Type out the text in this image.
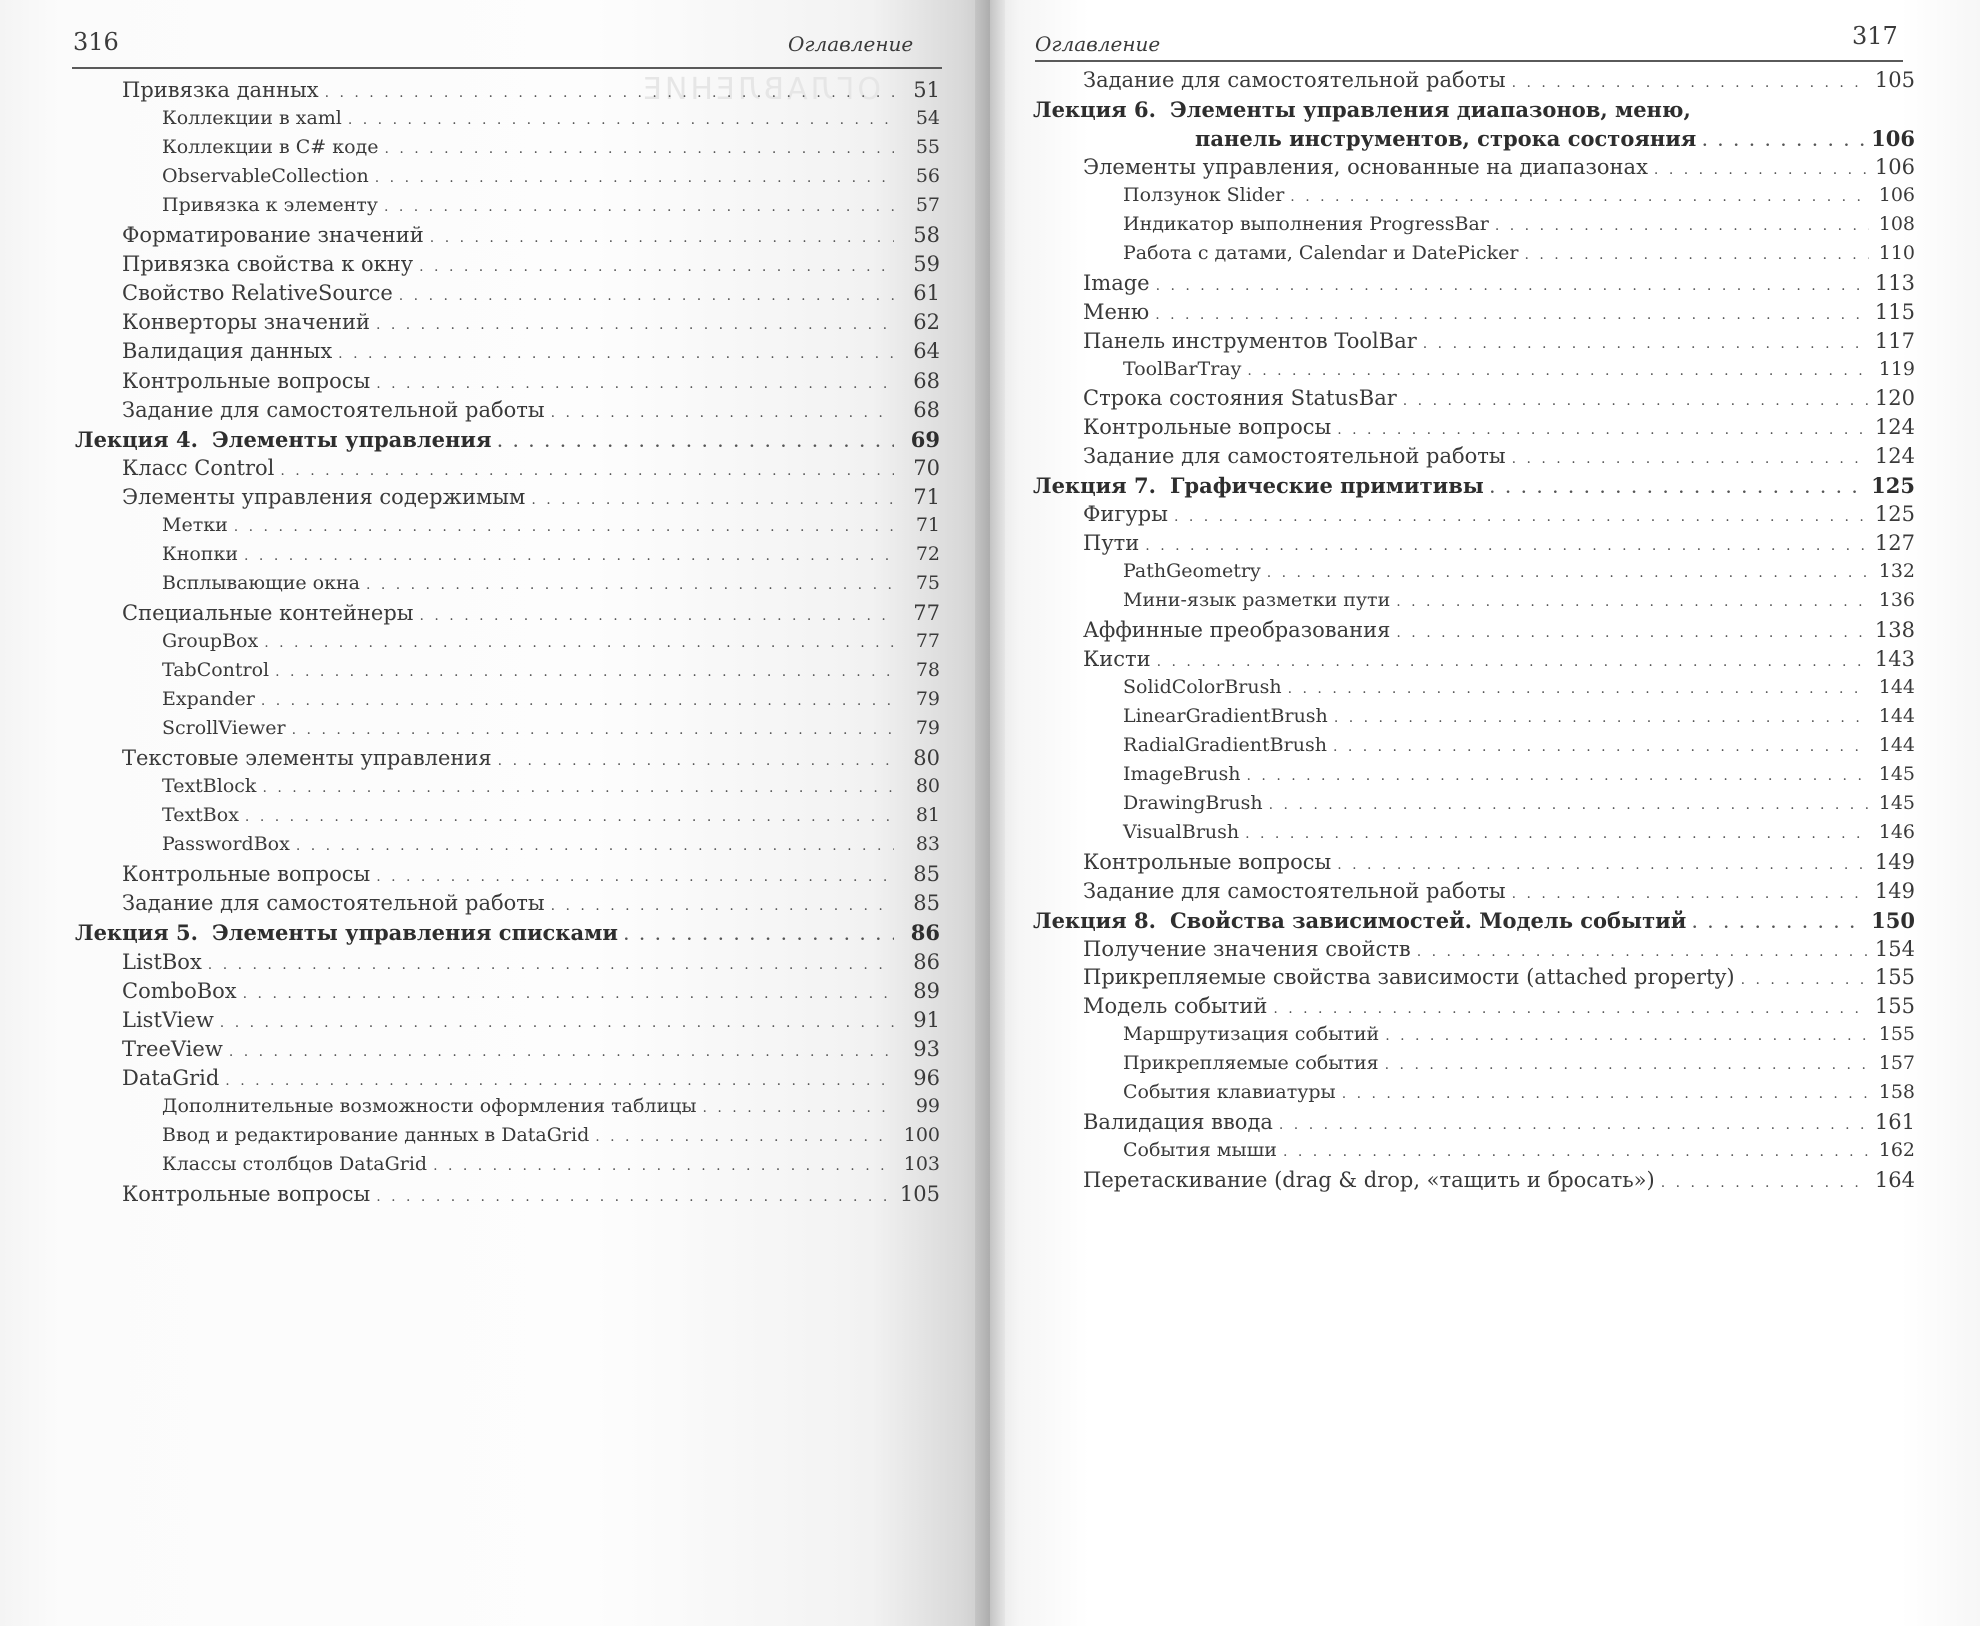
ОГЛАВЛЕНИЕ
316	Оглавление
Привязка данных . . .	51
Коллекции в xaml . . .	54
Коллекции в C# коде . . .	55
ObservableCollection . . .	56
Привязка к элементу . . .	57
Форматирование значений . . .	58
Привязка свойства к окну . . .	59
Свойство RelativeSource . . .	61
Конверторы значений . . .	62
Валидация данных . . .	64
Контрольные вопросы . . .	68
Задание для самостоятельной работы . . .	68
Лекция 4. Элементы управления . . .	69
Класс Control . . .	70
Элементы управления содержимым . . .	71
Метки . . .	71
Кнопки . . .	72
Всплывающие окна . . .	75
Специальные контейнеры . . .	77
GroupBox . . .	77
TabControl . . .	78
Expander . . .	79
ScrollViewer . . .	79
Текстовые элементы управления . . .	80
TextBlock . . .	80
TextBox . . .	81
PasswordBox . . .	83
Контрольные вопросы . . .	85
Задание для самостоятельной работы . . .	85
Лекция 5. Элементы управления списками . . .	86
ListBox . . .	86
ComboBox . . .	89
ListView . . .	91
TreeView . . .	93
DataGrid . . .	96
Дополнительные возможности оформления таблицы . . .	99
Ввод и редактирование данных в DataGrid . . .	100
Классы столбцов DataGrid . . .	103
Контрольные вопросы . . .	105
Оглавление	317
Задание для самостоятельной работы . . .	105
Лекция 6. Элементы управления диапазонов, меню,
панель инструментов, строка состояния . . .	106
Элементы управления, основанные на диапазонах . . .	106
Ползунок Slider . . .	106
Индикатор выполнения ProgressBar . . .	108
Работа с датами, Calendar и DatePicker . . .	110
Image . . .	113
Меню . . .	115
Панель инструментов ToolBar . . .	117
ToolBarTray . . .	119
Строка состояния StatusBar . . .	120
Контрольные вопросы . . .	124
Задание для самостоятельной работы . . .	124
Лекция 7. Графические примитивы . . .	125
Фигуры . . .	125
Пути . . .	127
PathGeometry . . .	132
Мини-язык разметки пути . . .	136
Аффинные преобразования . . .	138
Кисти . . .	143
SolidColorBrush . . .	144
LinearGradientBrush . . .	144
RadialGradientBrush . . .	144
ImageBrush . . .	145
DrawingBrush . . .	145
VisualBrush . . .	146
Контрольные вопросы . . .	149
Задание для самостоятельной работы . . .	149
Лекция 8. Свойства зависимостей. Модель событий . . .	150
Получение значения свойств . . .	154
Прикрепляемые свойства зависимости (attached property) . . .	155
Модель событий . . .	155
Маршрутизация событий . . .	155
Прикрепляемые события . . .	157
События клавиатуры . . .	158
Валидация ввода . . .	161
События мыши . . .	162
Перетаскивание (drag & drop, «тащить и бросать») . . .	164
